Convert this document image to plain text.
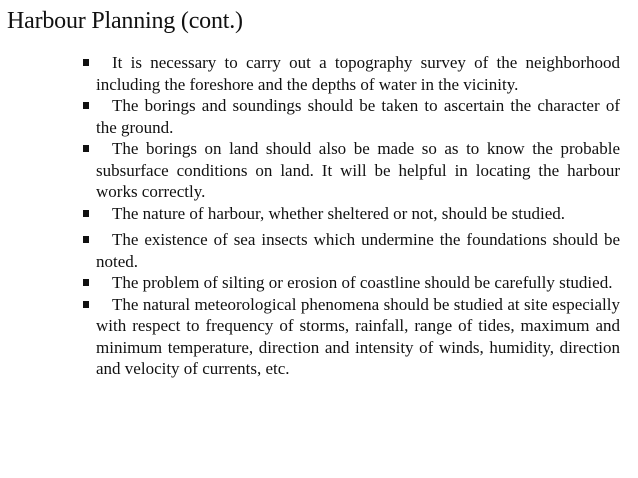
Harbour Planning (cont.)
It is necessary to carry out a topography survey of the neighborhood including the foreshore and the depths of water in the vicinity.
The borings and soundings should be taken to ascertain the character of the ground.
The borings on land should also be made so as to know the probable subsurface conditions on land. It will be helpful in locating the harbour works correctly.
The nature of harbour, whether sheltered or not, should be studied.
The existence of sea insects which undermine the foundations should be noted.
The problem of silting or erosion of coastline should be carefully studied.
The natural meteorological phenomena should be studied at site especially with respect to frequency of storms, rainfall, range of tides, maximum and minimum temperature, direction and intensity of winds, humidity, direction and velocity of currents, etc.
